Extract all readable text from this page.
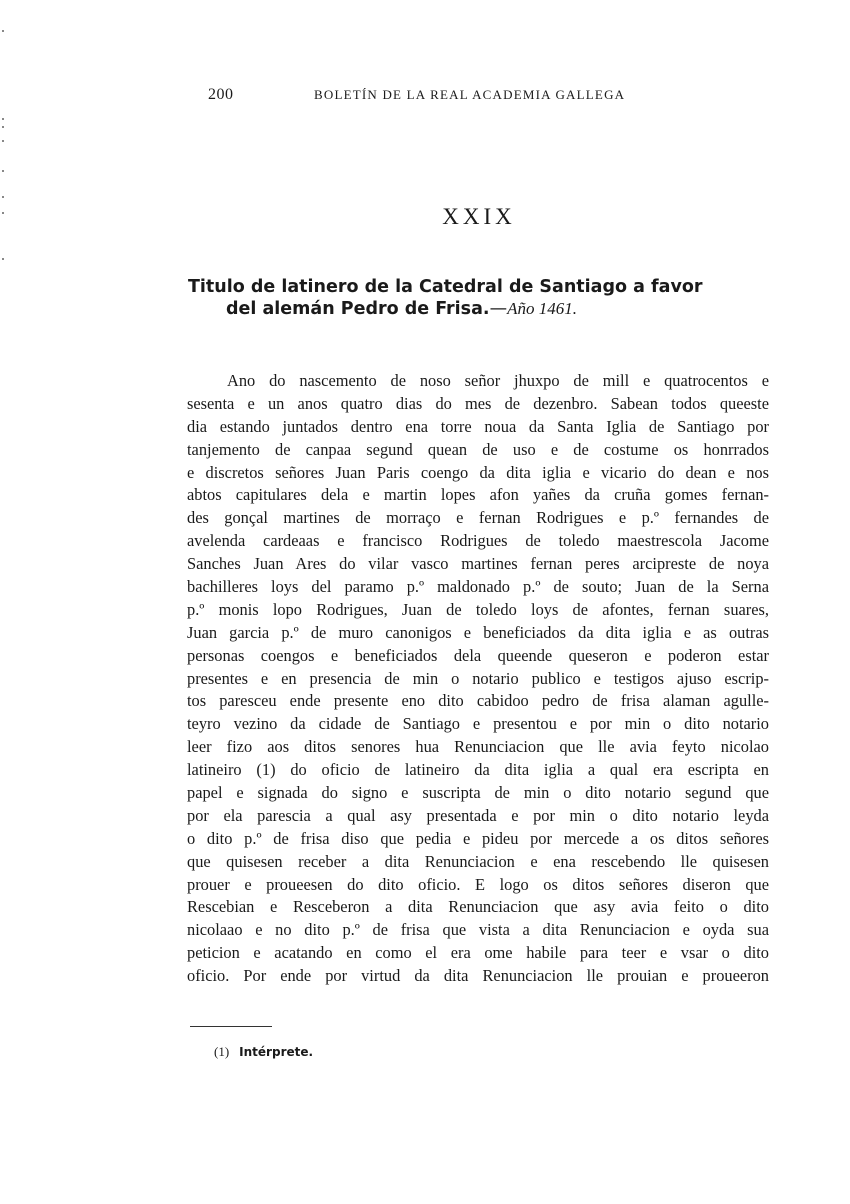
200	BOLETÍN DE LA REAL ACADEMIA GALLEGA
XXIX
Titulo de latinero de la Catedral de Santiago a favor
del alemán Pedro de Frisa.—Año 1461.
Ano do nascemento de noso señor jhuxpo de mill e quatrocentos e
sesenta e un anos quatro dias do mes de dezenbro. Sabean todos queeste
dia estando juntados dentro ena torre noua da Santa Iglia de Santiago por
tanjemento de canpaa segund quean de uso e de costume os honrrados
e discretos señores Juan Paris coengo da dita iglia e vicario do dean e nos
abtos capitulares dela e martin lopes afon yañes da cruña gomes fernan-
des gonçal martines de morraço e fernan Rodrigues e p.º fernandes de
avelenda cardeaas e francisco Rodrigues de toledo maestrescola Jacome
Sanches Juan Ares do vilar vasco martines fernan peres arcipreste de noya
bachilleres loys del paramo p.º maldonado p.º de souto; Juan de la Serna
p.º monis lopo Rodrigues, Juan de toledo loys de afontes, fernan suares,
Juan garcia p.º de muro canonigos e beneficiados da dita iglia e as outras
personas coengos e beneficiados dela queende queseron e poderon estar
presentes e en presencia de min o notario publico e testigos ajuso escrip-
tos paresceu ende presente eno dito cabidoo pedro de frisa alaman agulle-
teyro vezino da cidade de Santiago e presentou e por min o dito notario
leer fizo aos ditos senores hua Renunciacion que lle avia feyto nicolao
latineiro (1) do oficio de latineiro da dita iglia a qual era escripta en
papel e signada do signo e suscripta de min o dito notario segund que
por ela parescia a qual asy presentada e por min o dito notario leyda
o dito p.º de frisa diso que pedia e pideu por mercede a os ditos señores
que quisesen receber a dita Renunciacion e ena rescebendo lle quisesen
prouer e proueesen do dito oficio. E logo os ditos señores diseron que
Rescebian e Resceberon a dita Renunciacion que asy avia feito o dito
nicolaao e no dito p.º de frisa que vista a dita Renunciacion e oyda sua
peticion e acatando en como el era ome habile para teer e vsar o dito
oficio. Por ende por virtud da dita Renunciacion lle prouian e proueeron
(1) Intérprete.
